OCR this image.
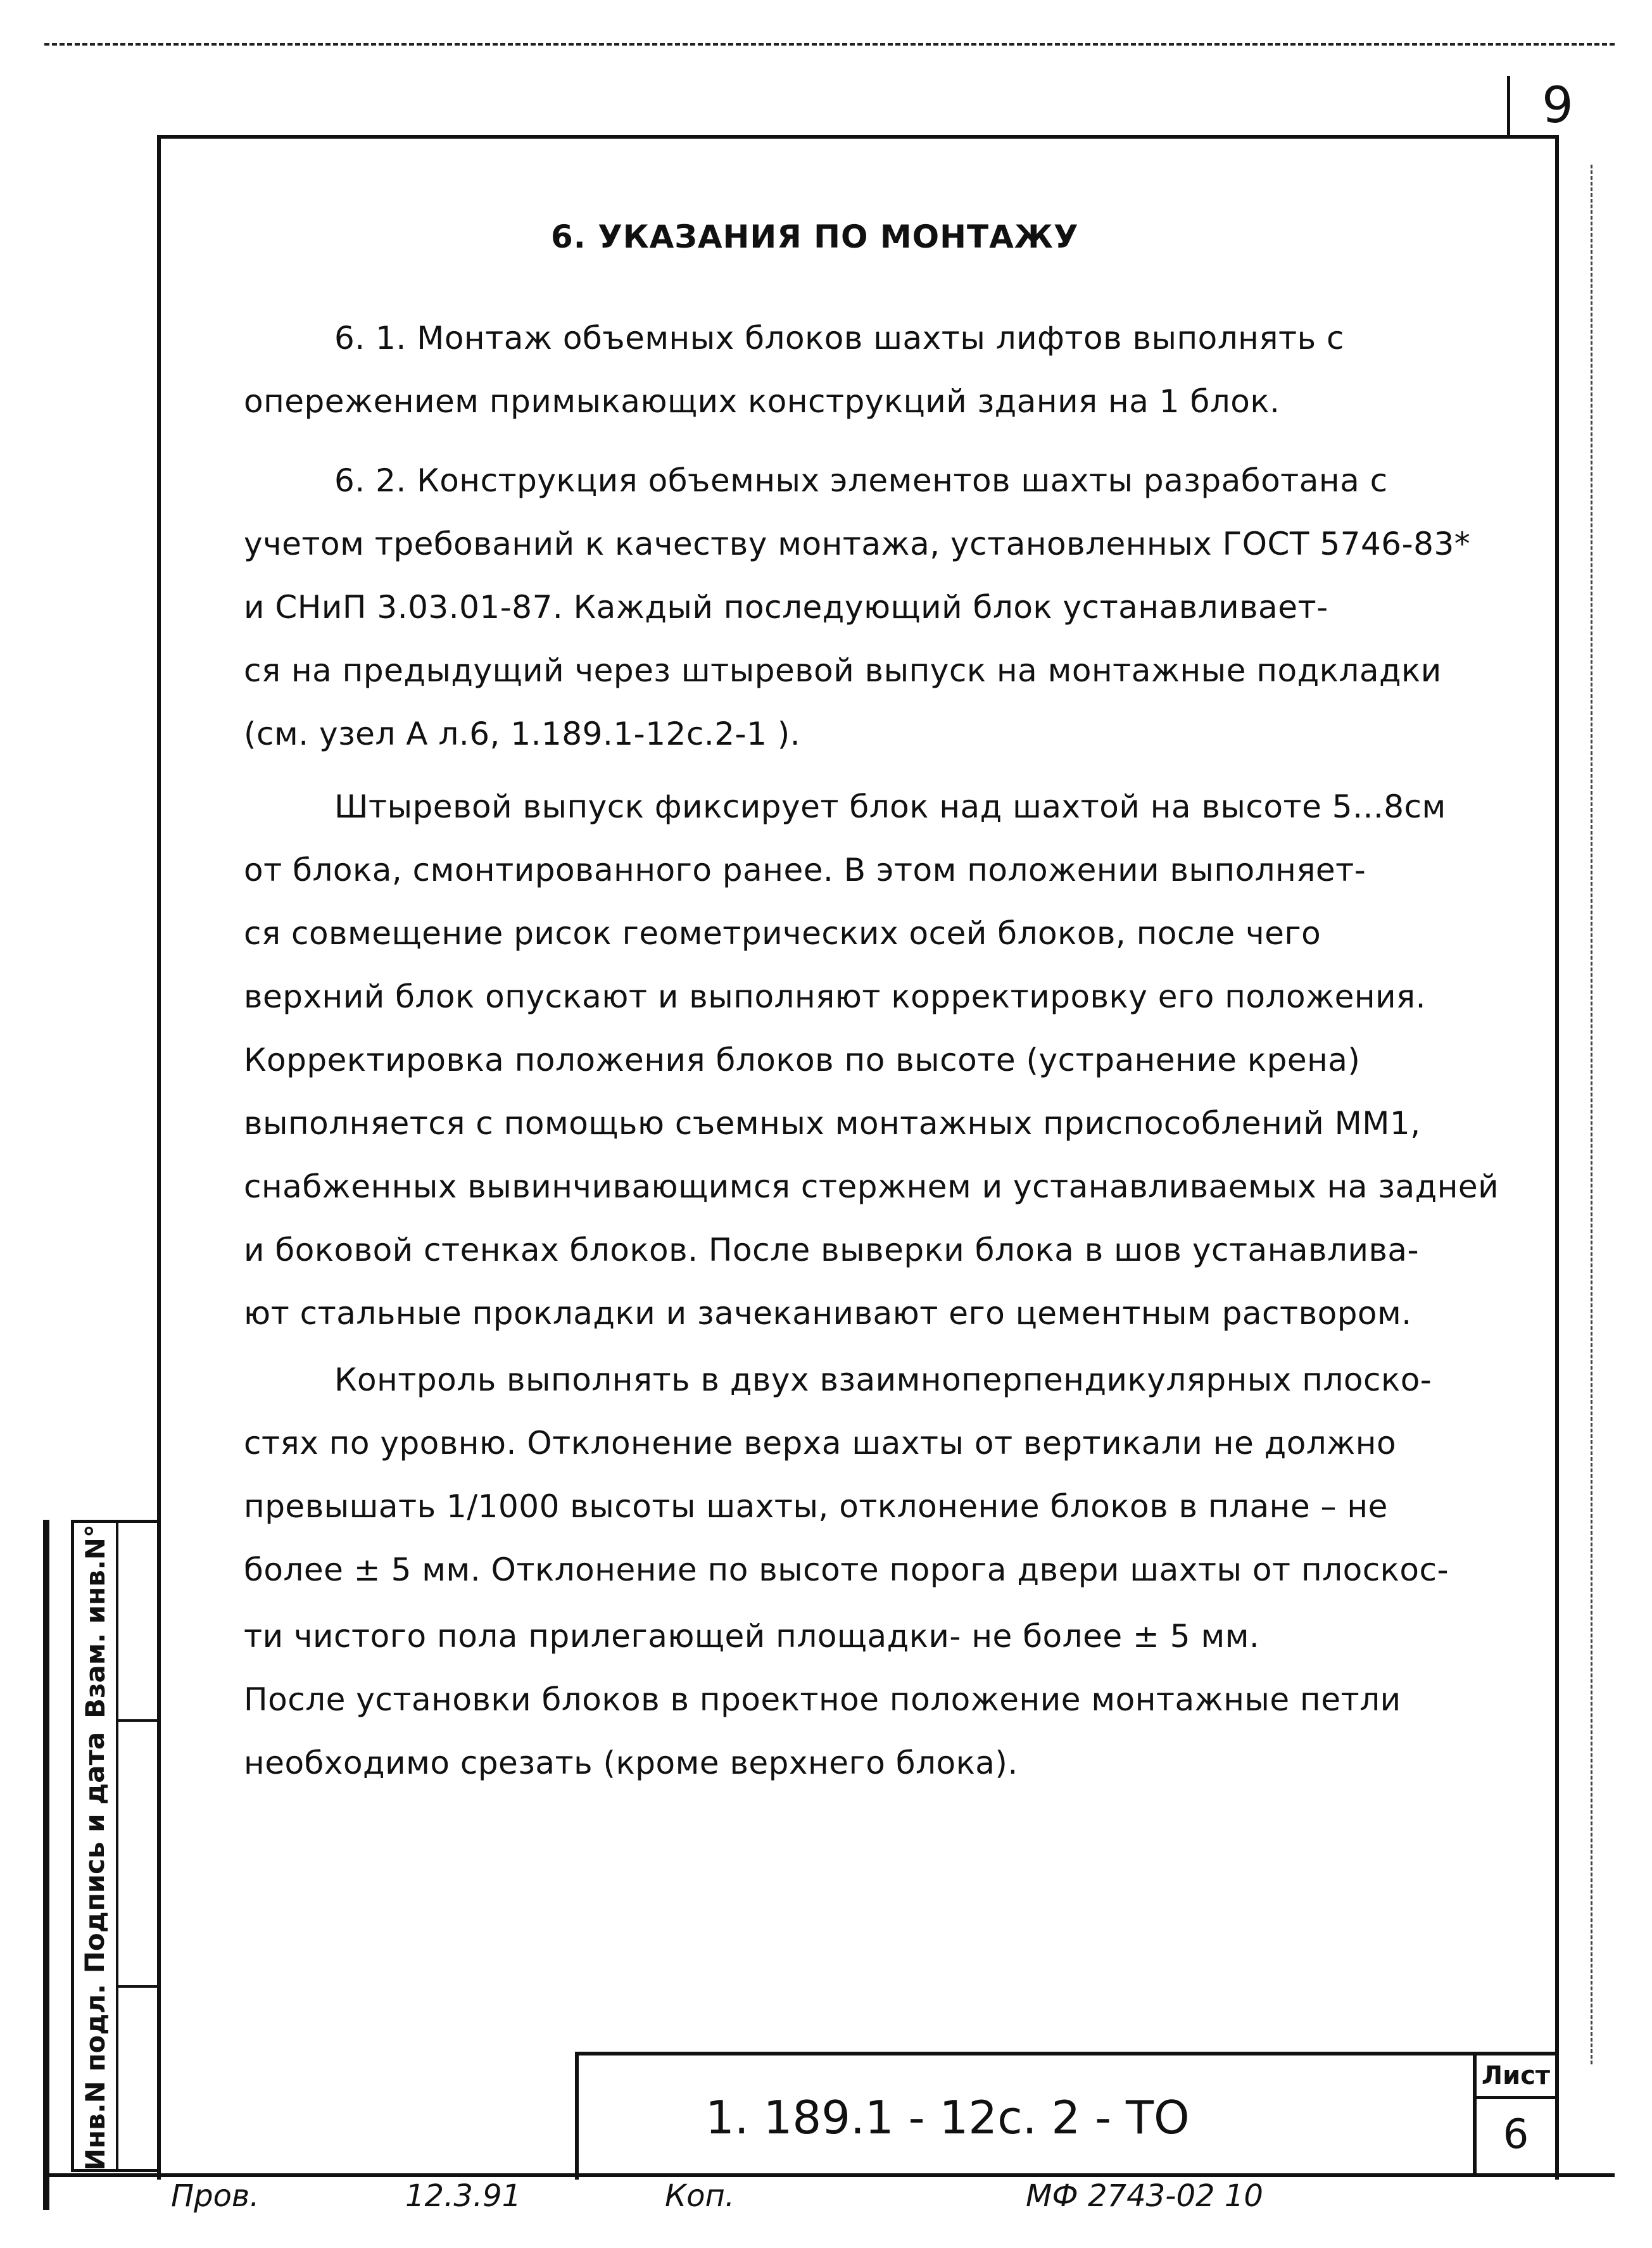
9
Взам. инв.N°
Подпись и дата
Инв.N подл.
6. УКАЗАНИЯ ПО МОНТАЖУ
6. 1. Монтаж объемных блоков шахты лифтов выполнять с
опережением примыкающих конструкций здания на 1 блок.
6. 2. Конструкция объемных элементов шахты разработана с
учетом требований к качеству монтажа, установленных ГОСТ 5746-83*
и СНиП 3.03.01-87. Каждый последующий блок устанавливает-
ся на предыдущий через штыревой выпуск на монтажные подкладки
(см. узел А л.6, 1.189.1-12с.2-1 ).
Штыревой выпуск фиксирует блок над шахтой на высоте 5...8см
от блока, смонтированного ранее. В этом положении выполняет-
ся совмещение рисок геометрических осей блоков, после чего
верхний блок опускают и выполняют корректировку его положения.
Корректировка положения блоков по высоте (устранение крена)
выполняется с помощью съемных монтажных приспособлений ММ1,
снабженных вывинчивающимся стержнем и устанавливаемых на задней
и боковой стенках блоков. После выверки блока в шов устанавлива-
ют стальные прокладки и зачеканивают его цементным раствором.
Контроль выполнять в двух взаимноперпендикулярных плоско-
стях по уровню. Отклонение верха шахты от вертикали не должно
превышать 1/1000 высоты шахты, отклонение блоков в плане – не
более ± 5 мм. Отклонение по высоте порога двери шахты от плоскос-
ти чистого пола прилегающей площадки- не более ± 5 мм.
После установки блоков в проектное положение монтажные петли
необходимо срезать (кроме верхнего блока).
1. 189.1 - 12с. 2 - ТО
Лист
6
Пров.	12.3.91	Коп.	МФ 2743-02 10
